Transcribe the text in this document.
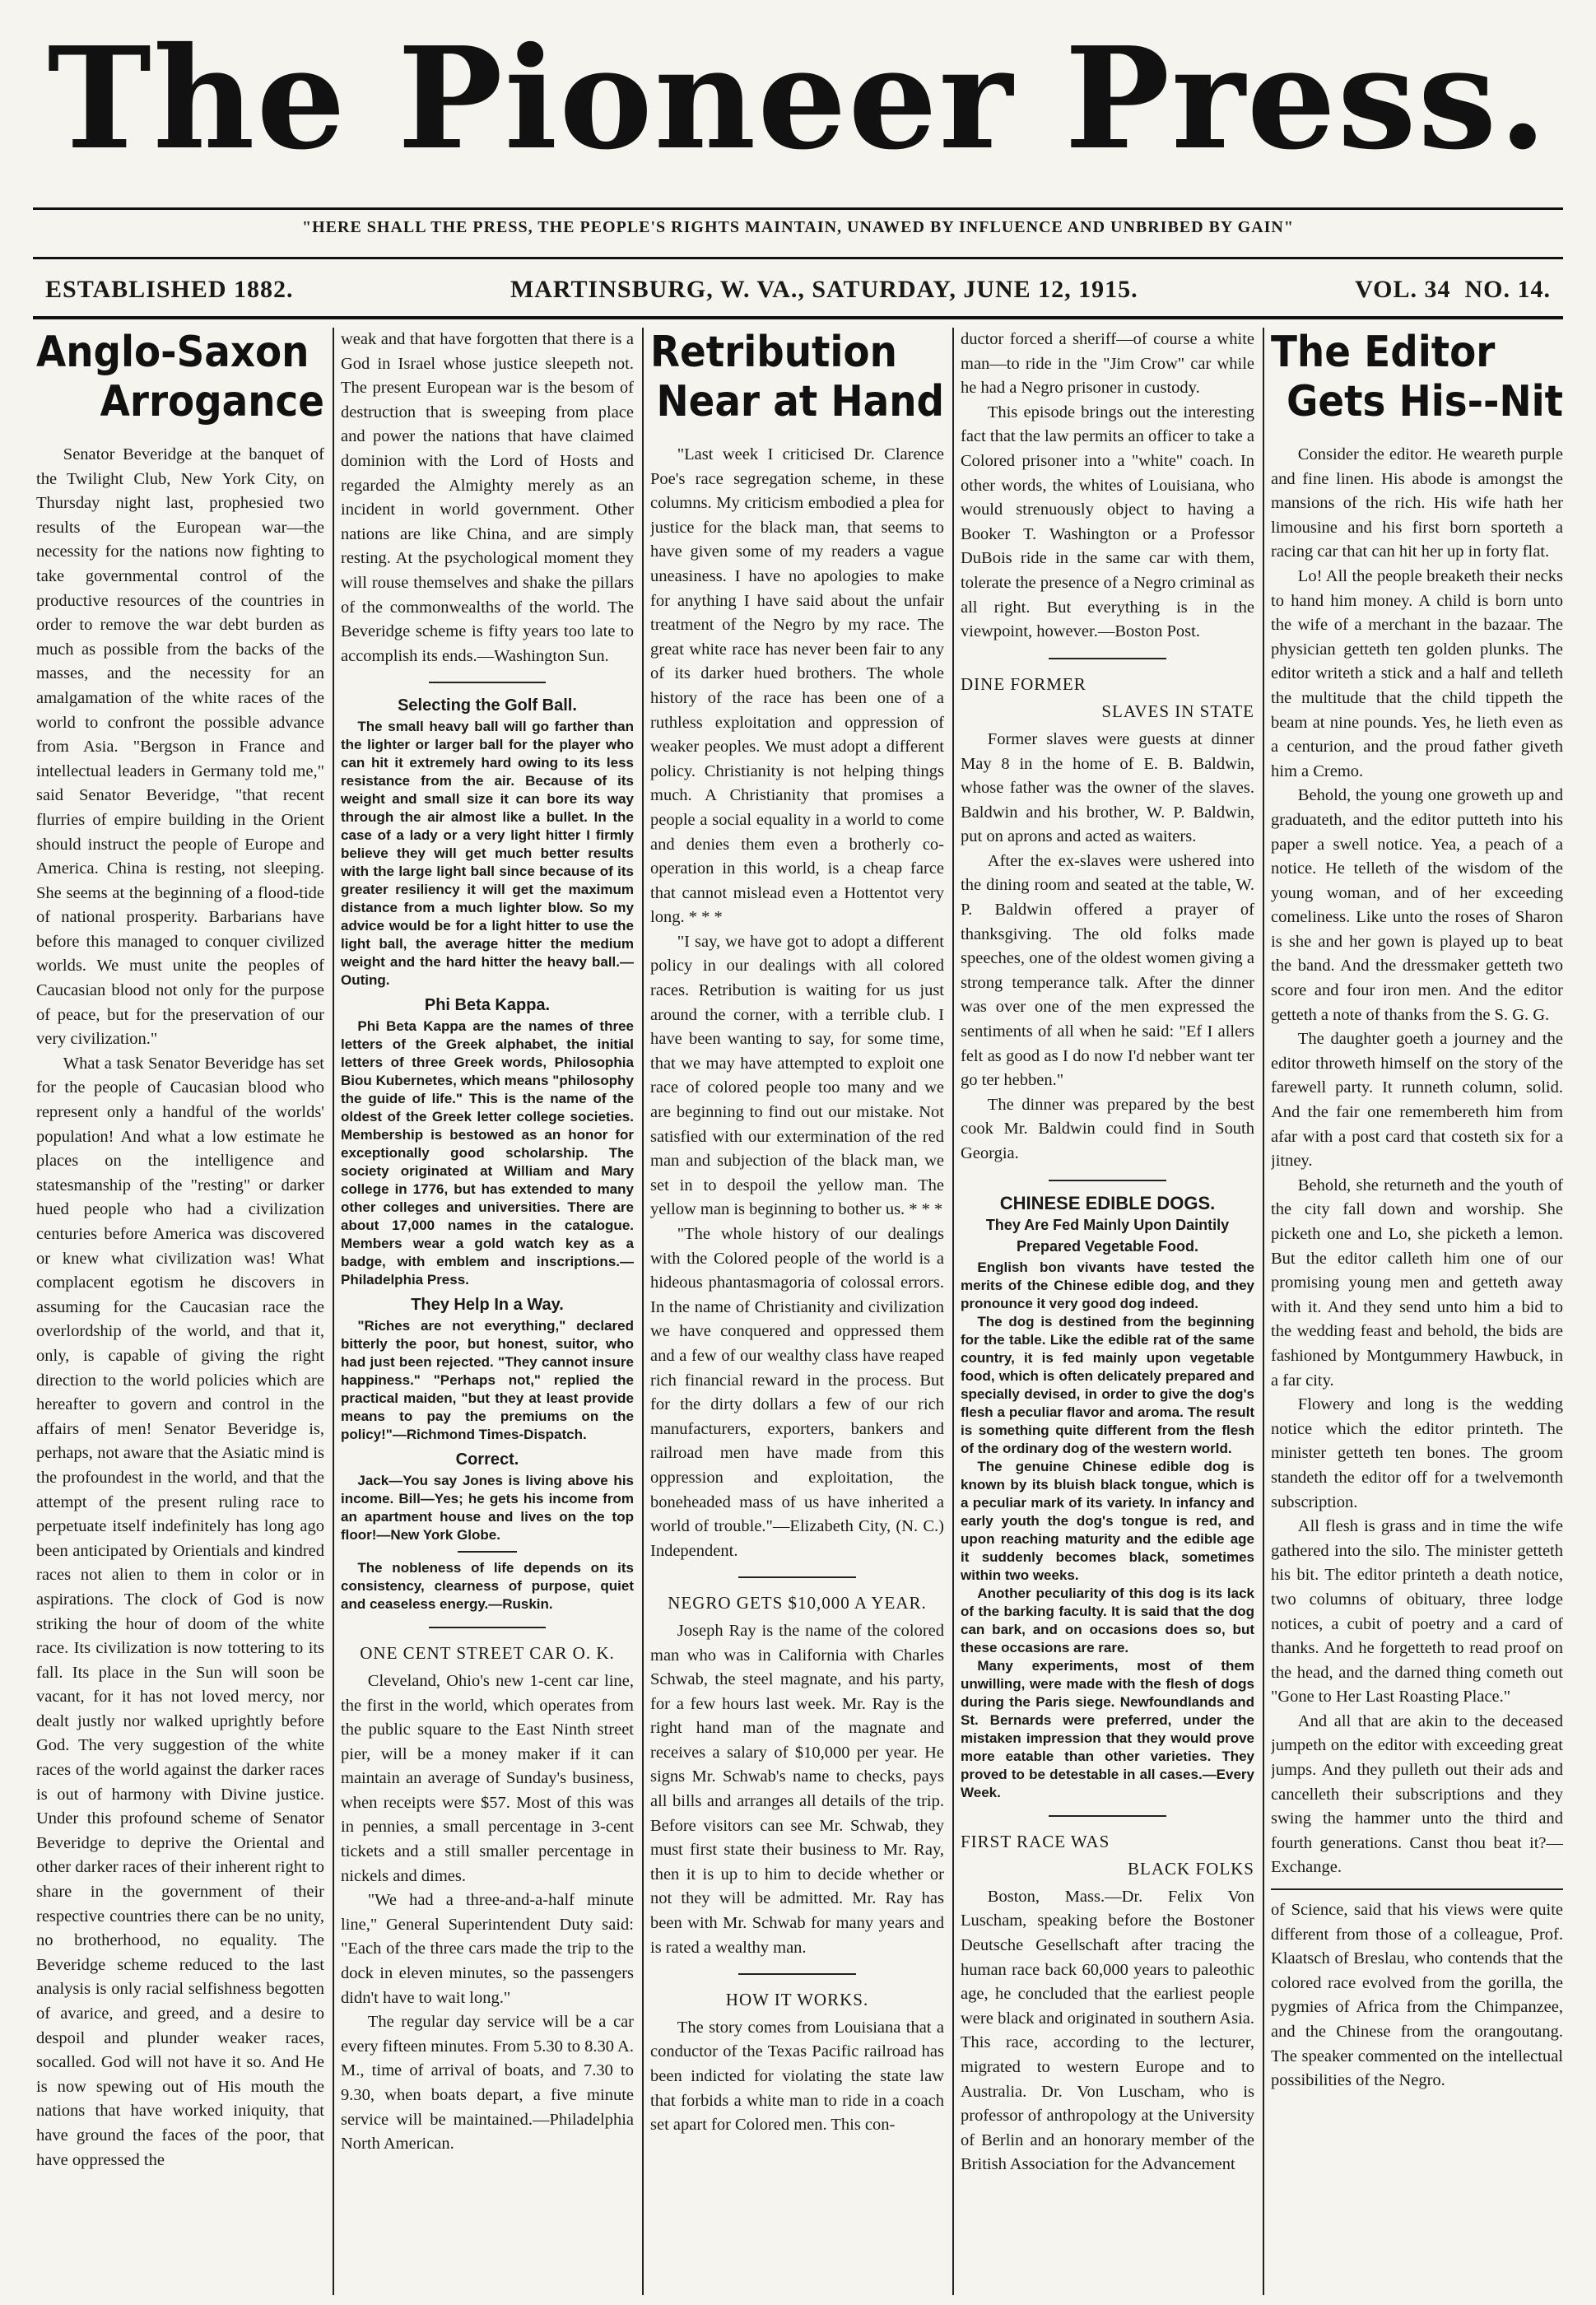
The Pioneer Press.
"HERE SHALL THE PRESS, THE PEOPLE'S RIGHTS MAINTAIN, UNAWED BY INFLUENCE AND UNBRIBED BY GAIN"
ESTABLISHED 1882.	MARTINSBURG, W. VA., SATURDAY, JUNE 12, 1915.	VOL. 34 NO. 14.
Anglo-Saxon
Arrogance

Senator Beveridge at the banquet of the Twilight Club, New York City, on Thursday night last, prophesied two results of the European war—the necessity for the nations now fighting to take governmental control of the productive resources of the countries in order to remove the war debt burden as much as possible from the backs of the masses, and the necessity for an amalgamation of the white races of the world to confront the possible advance from Asia. "Bergson in France and intellectual leaders in Germany told me," said Senator Beveridge, "that recent flurries of empire building in the Orient should instruct the people of Europe and America. China is resting, not sleeping. She seems at the beginning of a flood-tide of national prosperity. Barbarians have before this managed to conquer civilized worlds. We must unite the peoples of Caucasian blood not only for the purpose of peace, but for the preservation of our very civilization."

What a task Senator Beveridge has set for the people of Caucasian blood who represent only a handful of the worlds' population! And what a low estimate he places on the intelligence and statesmanship of the "resting" or darker hued people who had a civilization centuries before America was discovered or knew what civilization was! What complacent egotism he discovers in assuming for the Caucasian race the overlordship of the world, and that it, only, is capable of giving the right direction to the world policies which are hereafter to govern and control in the affairs of men! Senator Beveridge is, perhaps, not aware that the Asiatic mind is the profoundest in the world, and that the attempt of the present ruling race to perpetuate itself indefinitely has long ago been anticipated by Orientials and kindred races not alien to them in color or in aspirations. The clock of God is now striking the hour of doom of the white race. Its civilization is now tottering to its fall. Its place in the Sun will soon be vacant, for it has not loved mercy, nor dealt justly nor walked uprightly before God. The very suggestion of the white races of the world against the darker races is out of harmony with Divine justice. Under this profound scheme of Senator Beveridge to deprive the Oriental and other darker races of their inherent right to share in the government of their respective countries there can be no unity, no brotherhood, no equality. The Beveridge scheme reduced to the last analysis is only racial selfishness begotten of avarice, and greed, and a desire to despoil and plunder weaker races, socalled. God will not have it so. And He is now spewing out of His mouth the nations that have worked iniquity, that have ground the faces of the poor, that have oppressed the

weak and that have forgotten that there is a God in Israel whose justice sleepeth not. The present European war is the besom of destruction that is sweeping from place and power the nations that have claimed dominion with the Lord of Hosts and regarded the Almighty merely as an incident in world government. Other nations are like China, and are simply resting. At the psychological moment they will rouse themselves and shake the pillars of the commonwealths of the world. The Beveridge scheme is fifty years too late to accomplish its ends.—Washington Sun.

Selecting the Golf Ball.

The small heavy ball will go farther than the lighter or larger ball for the player who can hit it extremely hard owing to its less resistance from the air. Because of its weight and small size it can bore its way through the air almost like a bullet. In the case of a lady or a very light hitter I firmly believe they will get much better results with the large light ball since because of its greater resiliency it will get the maximum distance from a much lighter blow. So my advice would be for a light hitter to use the light ball, the average hitter the medium weight and the hard hitter the heavy ball.—Outing.

Phi Beta Kappa.

Phi Beta Kappa are the names of three letters of the Greek alphabet, the initial letters of three Greek words, Philosophia Biou Kubernetes, which means "philosophy the guide of life." This is the name of the oldest of the Greek letter college societies. Membership is bestowed as an honor for exceptionally good scholarship. The society originated at William and Mary college in 1776, but has extended to many other colleges and universities. There are about 17,000 names in the catalogue. Members wear a gold watch key as a badge, with emblem and inscriptions.—Philadelphia Press.

They Help In a Way.

"Riches are not everything," declared bitterly the poor, but honest, suitor, who had just been rejected. "They cannot insure happiness." "Perhaps not," replied the practical maiden, "but they at least provide means to pay the premiums on the policy!"—Richmond Times-Dispatch.

Correct.

Jack—You say Jones is living above his income. Bill—Yes; he gets his income from an apartment house and lives on the top floor!—New York Globe.

The nobleness of life depends on its consistency, clearness of purpose, quiet and ceaseless energy.—Ruskin.

ONE CENT STREET CAR O. K.

Cleveland, Ohio's new 1-cent car line, the first in the world, which operates from the public square to the East Ninth street pier, will be a money maker if it can maintain an average of Sunday's business, when receipts were $57. Most of this was in pennies, a small percentage in 3-cent tickets and a still smaller percentage in nickels and dimes.

"We had a three-and-a-half minute line," General Superintendent Duty said: "Each of the three cars made the trip to the dock in eleven minutes, so the passengers didn't have to wait long."

The regular day service will be a car every fifteen minutes. From 5.30 to 8.30 A. M., time of arrival of boats, and 7.30 to 9.30, when boats depart, a five minute service will be maintained.—Philadelphia North American.

Retribution
Near at Hand

"Last week I criticised Dr. Clarence Poe's race segregation scheme, in these columns. My criticism embodied a plea for justice for the black man, that seems to have given some of my readers a vague uneasiness. I have no apologies to make for anything I have said about the unfair treatment of the Negro by my race. The great white race has never been fair to any of its darker hued brothers. The whole history of the race has been one of a ruthless exploitation and oppression of weaker peoples. We must adopt a different policy. Christianity is not helping things much. A Christianity that promises a people a social equality in a world to come and denies them even a brotherly co-operation in this world, is a cheap farce that cannot mislead even a Hottentot very long. * * *

"I say, we have got to adopt a different policy in our dealings with all colored races. Retribution is waiting for us just around the corner, with a terrible club. I have been wanting to say, for some time, that we may have attempted to exploit one race of colored people too many and we are beginning to find out our mistake. Not satisfied with our extermination of the red man and subjection of the black man, we set in to despoil the yellow man. The yellow man is beginning to bother us. * * *

"The whole history of our dealings with the Colored people of the world is a hideous phantasmagoria of colossal errors. In the name of Christianity and civilization we have conquered and oppressed them and a few of our wealthy class have reaped rich financial reward in the process. But for the dirty dollars a few of our rich manufacturers, exporters, bankers and railroad men have made from this oppression and exploitation, the boneheaded mass of us have inherited a world of trouble."—Elizabeth City, (N. C.) Independent.

NEGRO GETS $10,000 A YEAR.

Joseph Ray is the name of the colored man who was in California with Charles Schwab, the steel magnate, and his party, for a few hours last week. Mr. Ray is the right hand man of the magnate and receives a salary of $10,000 per year. He signs Mr. Schwab's name to checks, pays all bills and arranges all details of the trip. Before visitors can see Mr. Schwab, they must first state their business to Mr. Ray, then it is up to him to decide whether or not they will be admitted. Mr. Ray has been with Mr. Schwab for many years and is rated a wealthy man.

HOW IT WORKS.

The story comes from Louisiana that a conductor of the Texas Pacific railroad has been indicted for violating the state law that forbids a white man to ride in a coach set apart for Colored men. This con-

ductor forced a sheriff—of course a white man—to ride in the "Jim Crow" car while he had a Negro prisoner in custody.

This episode brings out the interesting fact that the law permits an officer to take a Colored prisoner into a "white" coach. In other words, the whites of Louisiana, who would strenuously object to having a Booker T. Washington or a Professor DuBois ride in the same car with them, tolerate the presence of a Negro criminal as all right. But everything is in the viewpoint, however.—Boston Post.

DINE FORMER
SLAVES IN STATE

Former slaves were guests at dinner May 8 in the home of E. B. Baldwin, whose father was the owner of the slaves. Baldwin and his brother, W. P. Baldwin, put on aprons and acted as waiters.

After the ex-slaves were ushered into the dining room and seated at the table, W. P. Baldwin offered a prayer of thanksgiving. The old folks made speeches, one of the oldest women giving a strong temperance talk. After the dinner was over one of the men expressed the sentiments of all when he said: "Ef I allers felt as good as I do now I'd nebber want ter go ter hebben."

The dinner was prepared by the best cook Mr. Baldwin could find in South Georgia.

CHINESE EDIBLE DOGS.
They Are Fed Mainly Upon Daintily
Prepared Vegetable Food.

English bon vivants have tested the merits of the Chinese edible dog, and they pronounce it very good dog indeed.

The dog is destined from the beginning for the table. Like the edible rat of the same country, it is fed mainly upon vegetable food, which is often delicately prepared and specially devised, in order to give the dog's flesh a peculiar flavor and aroma. The result is something quite different from the flesh of the ordinary dog of the western world.

The genuine Chinese edible dog is known by its bluish black tongue, which is a peculiar mark of its variety. In infancy and early youth the dog's tongue is red, and upon reaching maturity and the edible age it suddenly becomes black, sometimes within two weeks.

Another peculiarity of this dog is its lack of the barking faculty. It is said that the dog can bark, and on occasions does so, but these occasions are rare.

Many experiments, most of them unwilling, were made with the flesh of dogs during the Paris siege. Newfoundlands and St. Bernards were preferred, under the mistaken impression that they would prove more eatable than other varieties. They proved to be detestable in all cases.—Every Week.

FIRST RACE WAS
BLACK FOLKS

Boston, Mass.—Dr. Felix Von Luscham, speaking before the Bostoner Deutsche Gesellschaft after tracing the human race back 60,000 years to paleothic age, he concluded that the earliest people were black and originated in southern Asia. This race, according to the lecturer, migrated to western Europe and to Australia. Dr. Von Luscham, who is professor of anthropology at the University of Berlin and an honorary member of the British Association for the Advancement

The Editor
Gets His--Nit

Consider the editor. He weareth purple and fine linen. His abode is amongst the mansions of the rich. His wife hath her limousine and his first born sporteth a racing car that can hit her up in forty flat.

Lo! All the people breaketh their necks to hand him money. A child is born unto the wife of a merchant in the bazaar. The physician getteth ten golden plunks. The editor writeth a stick and a half and telleth the multitude that the child tippeth the beam at nine pounds. Yes, he lieth even as a centurion, and the proud father giveth him a Cremo.

Behold, the young one groweth up and graduateth, and the editor putteth into his paper a swell notice. Yea, a peach of a notice. He telleth of the wisdom of the young woman, and of her exceeding comeliness. Like unto the roses of Sharon is she and her gown is played up to beat the band. And the dressmaker getteth two score and four iron men. And the editor getteth a note of thanks from the S. G. G.

The daughter goeth a journey and the editor throweth himself on the story of the farewell party. It runneth column, solid. And the fair one remembereth him from afar with a post card that costeth six for a jitney.

Behold, she returneth and the youth of the city fall down and worship. She picketh one and Lo, she picketh a lemon. But the editor calleth him one of our promising young men and getteth away with it. And they send unto him a bid to the wedding feast and behold, the bids are fashioned by Montgummery Hawbuck, in a far city.

Flowery and long is the wedding notice which the editor printeth. The minister getteth ten bones. The groom standeth the editor off for a twelvemonth subscription.

All flesh is grass and in time the wife gathered into the silo. The minister getteth his bit. The editor printeth a death notice, two columns of obituary, three lodge notices, a cubit of poetry and a card of thanks. And he forgetteth to read proof on the head, and the darned thing cometh out "Gone to Her Last Roasting Place."

And all that are akin to the deceased jumpeth on the editor with exceeding great jumps. And they pulleth out their ads and cancelleth their subscriptions and they swing the hammer unto the third and fourth generations. Canst thou beat it?—Exchange.

of Science, said that his views were quite different from those of a colleague, Prof. Klaatsch of Breslau, who contends that the colored race evolved from the gorilla, the pygmies of Africa from the Chimpanzee, and the Chinese from the orangoutang. The speaker commented on the intellectual possibilities of the Negro.
